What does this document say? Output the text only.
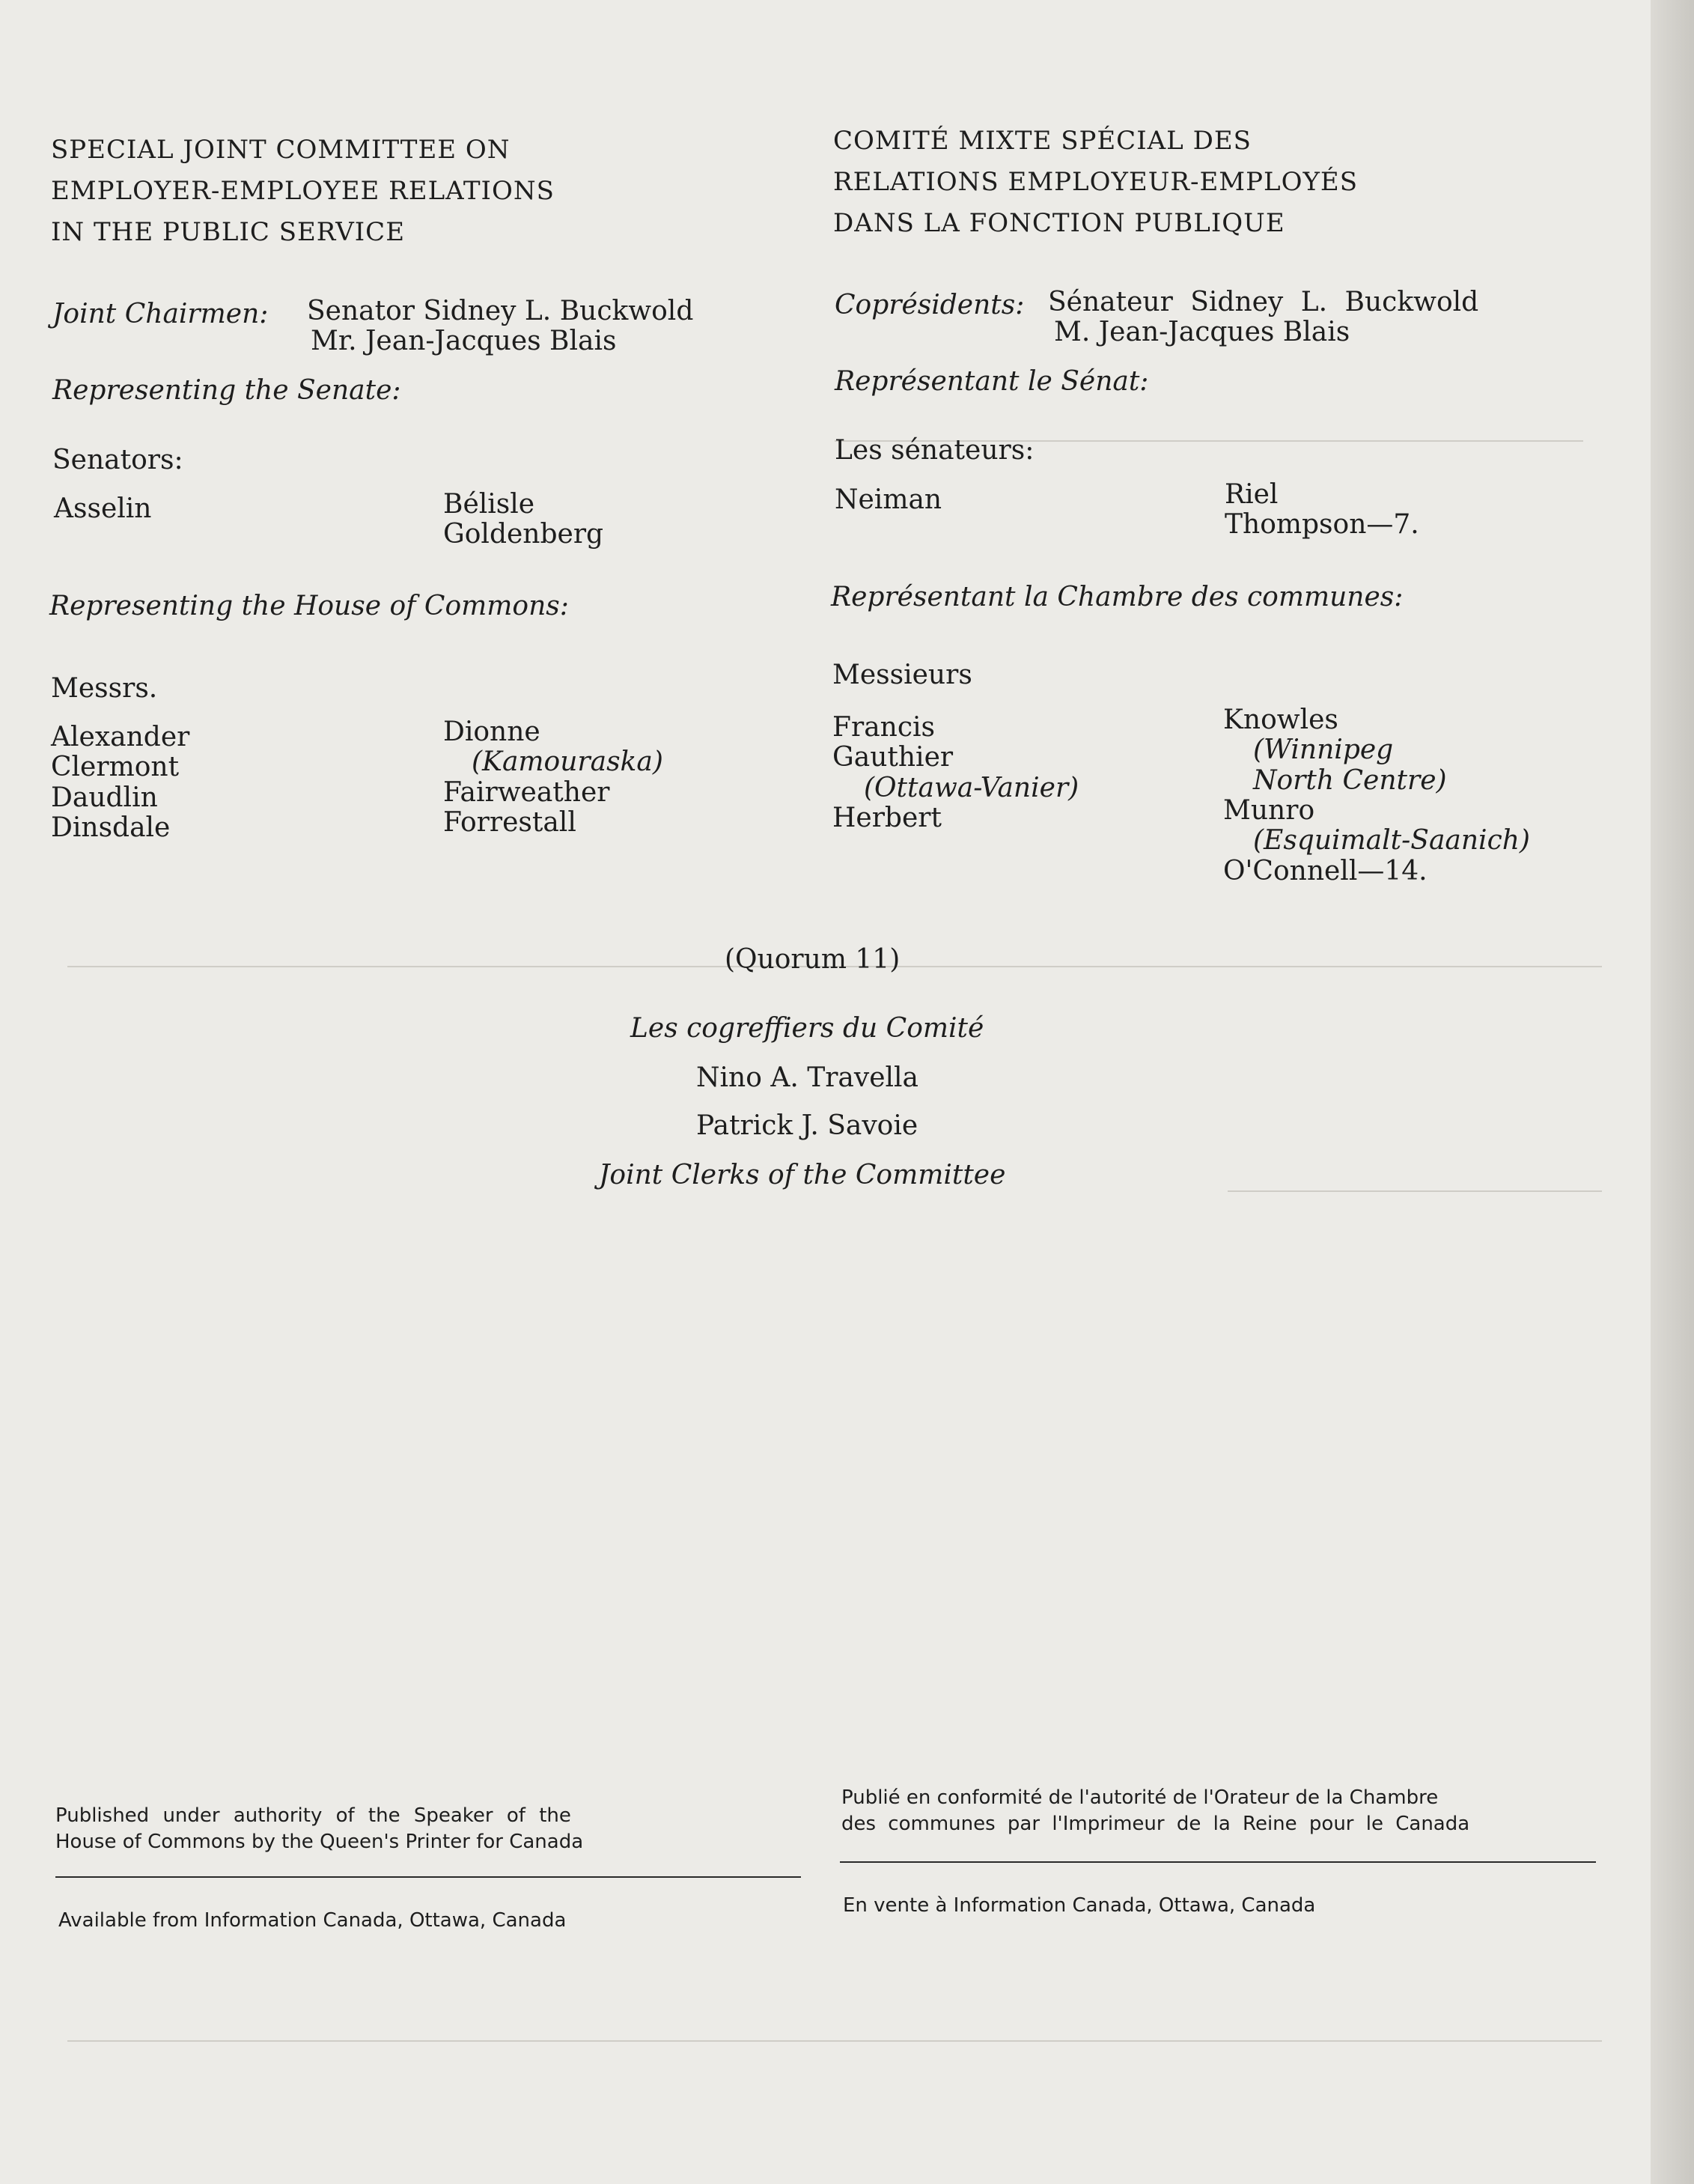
SPECIAL JOINT COMMITTEE ON
EMPLOYER-EMPLOYEE RELATIONS
IN THE PUBLIC SERVICE
Joint Chairmen: Senator Sidney L. Buckwold
Mr. Jean-Jacques Blais
Representing the Senate:
Senators:
Asselin	Bélisle
Goldenberg
Representing the House of Commons:
Messrs.
Alexander
Clermont
Daudlin
Dinsdale
Dionne
(Kamouraska)
Fairweather
Forrestall
COMITÉ MIXTE SPÉCIAL DES
RELATIONS EMPLOYEUR-EMPLOYÉS
DANS LA FONCTION PUBLIQUE
Coprésidents: Sénateur Sidney L. Buckwold
M. Jean-Jacques Blais
Représentant le Sénat:
Les sénateurs:
Neiman	Riel
Thompson—7.
Représentant la Chambre des communes:
Messieurs
Francis
Gauthier
(Ottawa-Vanier)
Herbert
Knowles
(Winnipeg
North Centre)
Munro
(Esquimalt-Saanich)
O'Connell—14.
(Quorum 11)
Les cogreffiers du Comité
Nino A. Travella
Patrick J. Savoie
Joint Clerks of the Committee
Published under authority of the Speaker of the
House of Commons by the Queen's Printer for Canada
Available from Information Canada, Ottawa, Canada
Publié en conformité de l'autorité de l'Orateur de la Chambre
des communes par l'Imprimeur de la Reine pour le Canada
En vente à Information Canada, Ottawa, Canada
